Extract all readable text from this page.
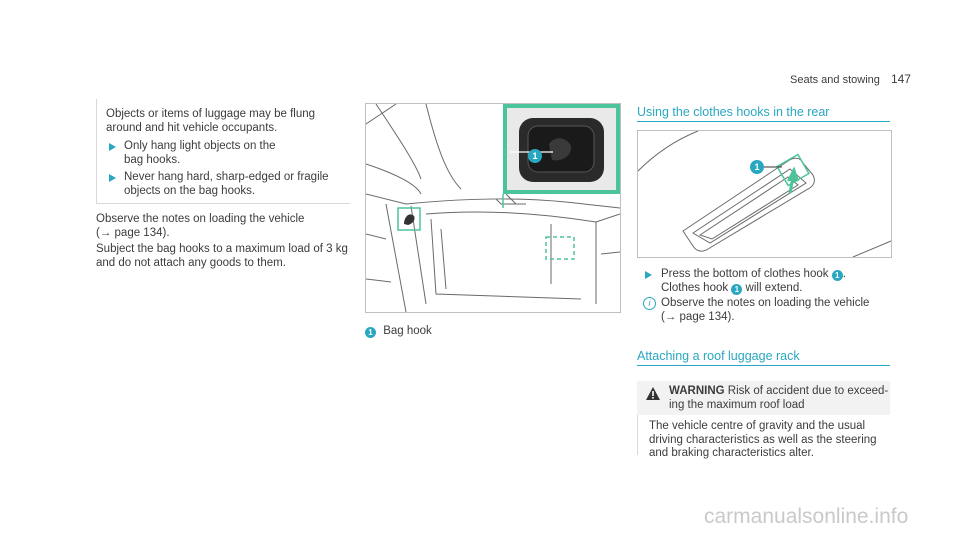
Seats and stowing 147
Objects or items of luggage may be flung around and hit vehicle occupants.
Only hang light objects on the bag hooks.
Never hang hard, sharp-edged or fragile objects on the bag hooks.
Observe the notes on loading the vehicle
(→ page 134).
Subject the bag hooks to a maximum load of 3 kg
and do not attach any goods to them.
1
1 Bag hook
Using the clothes hooks in the rear
1
Press the bottom of clothes hook 1 .
Clothes hook 1 will extend.
i Observe the notes on loading the vehicle
(→ page 134).
Attaching a roof luggage rack
WARNING Risk of accident due to exceed-
ing the maximum roof load
The vehicle centre of gravity and the usual
driving characteristics as well as the steering
and braking characteristics alter.
carmanualsonline.info
